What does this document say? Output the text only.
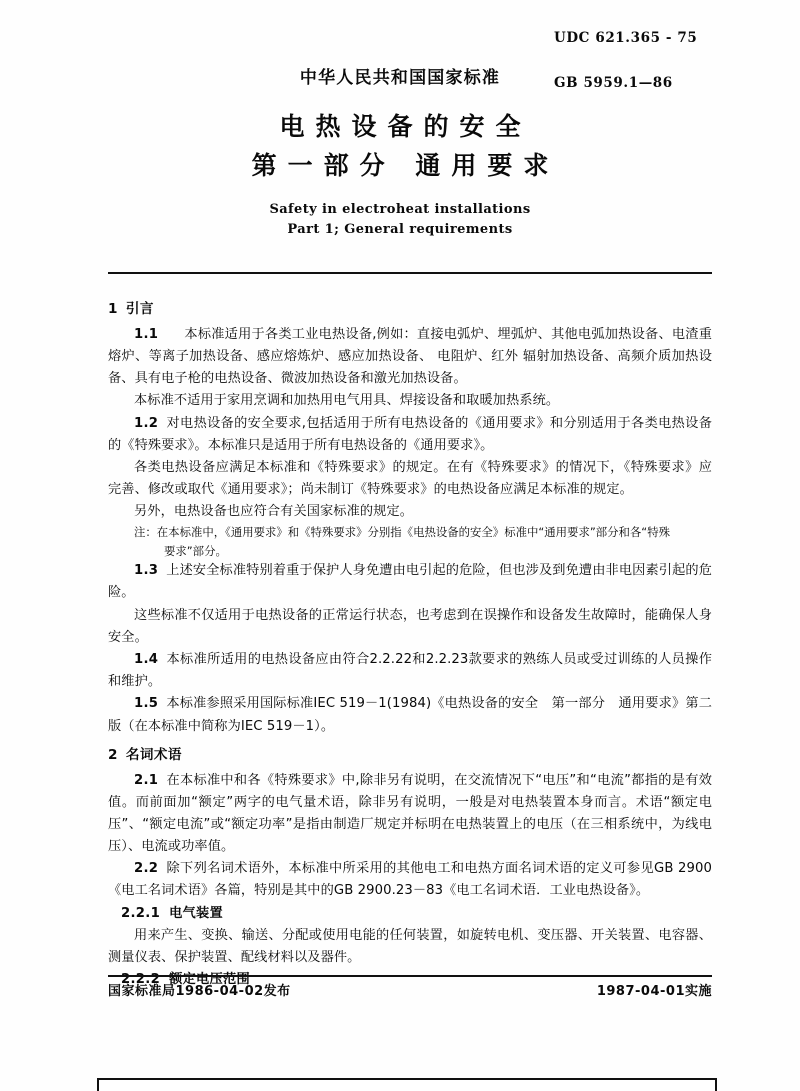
UDC 621.365 - 75
GB 5959.1—86
中华人民共和国国家标准
电热设备的安全
第一部分 通用要求
Safety in electroheat installations
Part 1; General requirements
1 引言

1.1 本标准适用于各类工业电热设备,例如：直接电弧炉、埋弧炉、其他电弧加热设备、电渣重熔炉、等离子加热设备、感应熔炼炉、感应加热设备、 电阻炉、红外 辐射加热设备、高频介质加热设备、具有电子枪的电热设备、微波加热设备和激光加热设备。

本标准不适用于家用烹调和加热用电气用具、焊接设备和取暖加热系统。

1.2 对电热设备的安全要求,包括适用于所有电热设备的《通用要求》和分别适用于各类电热设备的《特殊要求》。本标准只是适用于所有电热设备的《通用要求》。

各类电热设备应满足本标准和《特殊要求》的规定。在有《特殊要求》的情况下，《特殊要求》应完善、修改或取代《通用要求》；尚未制订《特殊要求》的电热设备应满足本标准的规定。

另外，电热设备也应符合有关国家标准的规定。

注：在本标准中，《通用要求》和《特殊要求》分别指《电热设备的安全》标准中“通用要求”部分和各“特殊
要求”部分。

1.3 上述安全标准特别着重于保护人身免遭由电引起的危险，但也涉及到免遭由非电因素引起的危险。

这些标准不仅适用于电热设备的正常运行状态，也考虑到在误操作和设备发生故障时，能确保人身安全。

1.4 本标准所适用的电热设备应由符合2.2.22和2.2.23款要求的熟练人员或受过训练的人员操作和维护。

1.5 本标准参照采用国际标准IEC 519－1(1984)《电热设备的安全　第一部分　通用要求》第二版（在本标准中简称为IEC 519－1）。

2 名词术语

2.1 在本标准中和各《特殊要求》中,除非另有说明，在交流情况下“电压”和“电流”都指的是有效值。而前面加“额定”两字的电气量术语，除非另有说明，一般是对电热装置本身而言。术语“额定电压”、“额定电流”或“额定功率”是指由制造厂规定并标明在电热装置上的电压（在三相系统中，为线电压）、电流或功率值。

2.2 除下列名词术语外，本标准中所采用的其他电工和电热方面名词术语的定义可参见GB 2900《电工名词术语》各篇，特别是其中的GB 2900.23－83《电工名词术语．工业电热设备》。

2.2.1 电气装置

用来产生、变换、输送、分配或使用电能的任何装置，如旋转电机、变压器、开关装置、电容器、测量仪表、保护装置、配线材料以及器件。

2.2.2 额定电压范围

国家标准局1986-04-02发布	1987-04-01实施
